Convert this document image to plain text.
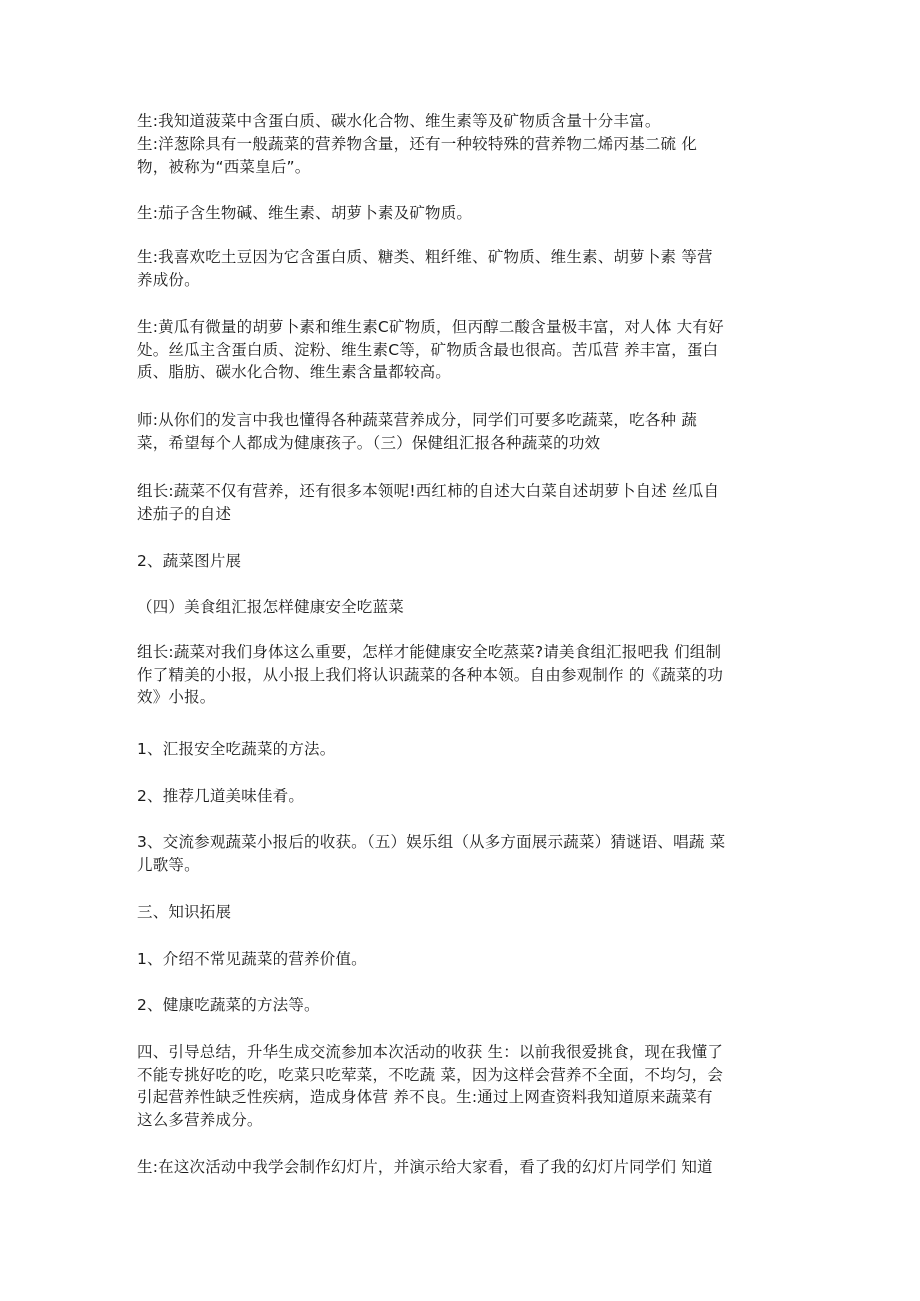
生:我知道菠菜中含蛋白质、碳水化合物、维生素等及矿物质含量十分丰富。

生:洋葱除具有一般蔬菜的营养物含量，还有一种较特殊的营养物二烯丙基二硫 化
物，被称为“西菜皇后”。

生:茄子含生物碱、维生素、胡萝卜素及矿物质。

生:我喜欢吃土豆因为它含蛋白质、糖类、粗纤维、矿物质、维生素、胡萝卜素 等营
养成份。

生:黄瓜有微量的胡萝卜素和维生素C矿物质，但丙醇二酸含量极丰富，对人体 大有好
处。丝瓜主含蛋白质、淀粉、维生素C等，矿物质含最也很高。苦瓜营 养丰富，蛋白
质、脂肪、碳水化合物、维生素含量都较高。

师:从你们的发言中我也懂得各种蔬菜营养成分，同学们可要多吃蔬菜，吃各种 蔬
菜，希望每个人都成为健康孩子。（三）保健组汇报各种蔬菜的功效

组长:蔬菜不仅有营养，还有很多本领呢!西红柿的自述大白菜自述胡萝卜自述 丝瓜自
述茄子的自述

2、蔬菜图片展

（四）美食组汇报怎样健康安全吃蓝菜

组长:蔬菜对我们身体这么重要，怎样才能健康安全吃蒸菜?请美食组汇报吧我 们组制
作了精美的小报，从小报上我们将认识蔬菜的各种本领。自由参观制作 的《蔬菜的功
效》小报。

1、汇报安全吃蔬菜的方法。

2、推荐几道美味佳肴。

3、交流参观蔬菜小报后的收获。（五）娱乐组（从多方面展示蔬菜）猜谜语、唱蔬 菜
儿歌等。

三、知识拓展

1、介绍不常见蔬菜的营养价值。

2、健康吃蔬菜的方法等。

四、引导总结，升华生成交流参加本次活动的收获 生：以前我很爱挑食，现在我懂了
不能专挑好吃的吃，吃菜只吃荤菜，不吃蔬 菜，因为这样会营养不全面，不均匀，会
引起营养性缺乏性疾病，造成身体营 养不良。生:通过上网查资料我知道原来蔬菜有
这么多营养成分。

生:在这次活动中我学会制作幻灯片，并演示给大家看，看了我的幻灯片同学们 知道
